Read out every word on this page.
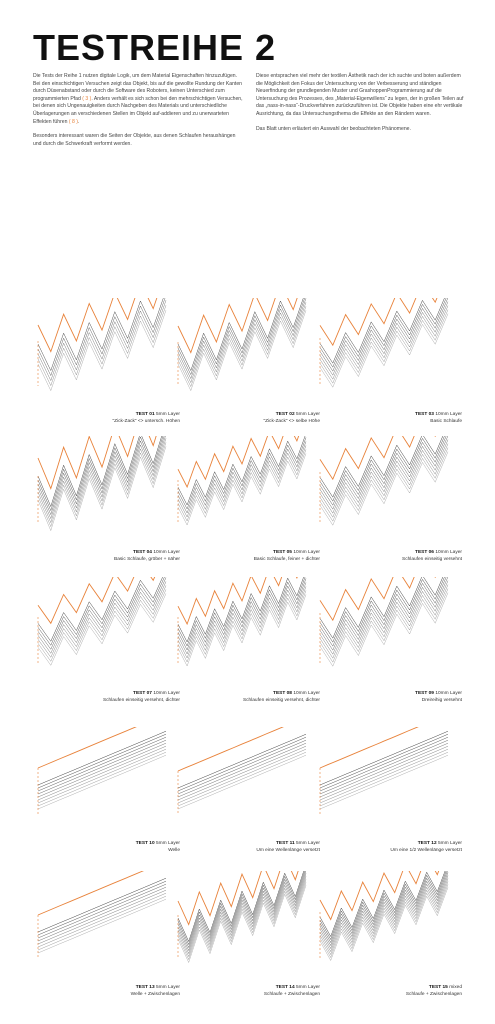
TESTREIHE 2

Die Tests der Reihe 1 nutzen digitale Logik, um dem Material Eigenschaften hinzuzufügen. Bei den einschichtigen Versuchen zeigt das Objekt, bis auf die gewollte Rundung der Kanten durch Düsenabstand oder durch die Software des Roboters, keinen Unterschied zum programmierten Pfad ( 3 ). Anders verhält es sich schon bei den mehrschichtigen Versuchen, bei denen sich Ungenauigkeiten durch Nachgeben des Materials und unterschiedliche Überlagerungen an verschiedenen Stellen im Objekt auf-addieren und zu unerwarteten Effekten führen ( 8 ).

Besonders interessant waren die Seiten der Objekte, aus denen Schlaufen heraushängen und durch die Schwerkraft verformt werden.

Diese entsprachen viel mehr der textilen Ästhetik nach der ich suchte und boten außerdem die Möglichkeit den Fokus der Untersuchung von der Verbesserung und ständigen Neuerfindung der grundlegenden Muster und GrashoppenProgrammierung auf die Untersuchung des Prozesses, des „Material-Eigenwillens“ zu legen, der in großen Teilen auf das „nass-in-nass“-Druckverfahren zurückzuführen ist. Die Objekte haben eine ehr vertikale Ausrichtung, da das Untersuchungsthema die Effekte an den Rändern waren.

Das Blatt unten erläutert ein Auswahl der beobachteten Phänomene.

TEST 01 5mm Layer
“Zick-Zack” <> untersch. Höhen
TEST 02 5mm Layer
“Zick-Zack” <> selbe Höhe
TEST 03 10mm Layer
Basic Schlaufe
TEST 04 10mm Layer
Basic Schlaufe, gröber + näher
TEST 05 10mm Layer
Basic Schlaufe, feiner + dichter
TEST 06 10mm Layer
Schlaufen einseitig versehnt
TEST 07 10mm Layer
Schlaufen einseitig versehnt, dichter
TEST 08 10mm Layer
Schlaufen einseitig versehnt, dichter
TEST 09 10mm Layer
Dreireihig versehnt
TEST 10 5mm Layer
Welle
TEST 11 5mm Layer
Um eine Wellenlänge versetzt
TEST 12 5mm Layer
Um eine 1/2 Wellenlänge versetzt
TEST 13 5mm Layer
Welle + Zwischenlagen
TEST 14 5mm Layer
Schlaufe + Zwischenlagen
TEST 15 mixed
Schlaufe + Zwischenlagen
